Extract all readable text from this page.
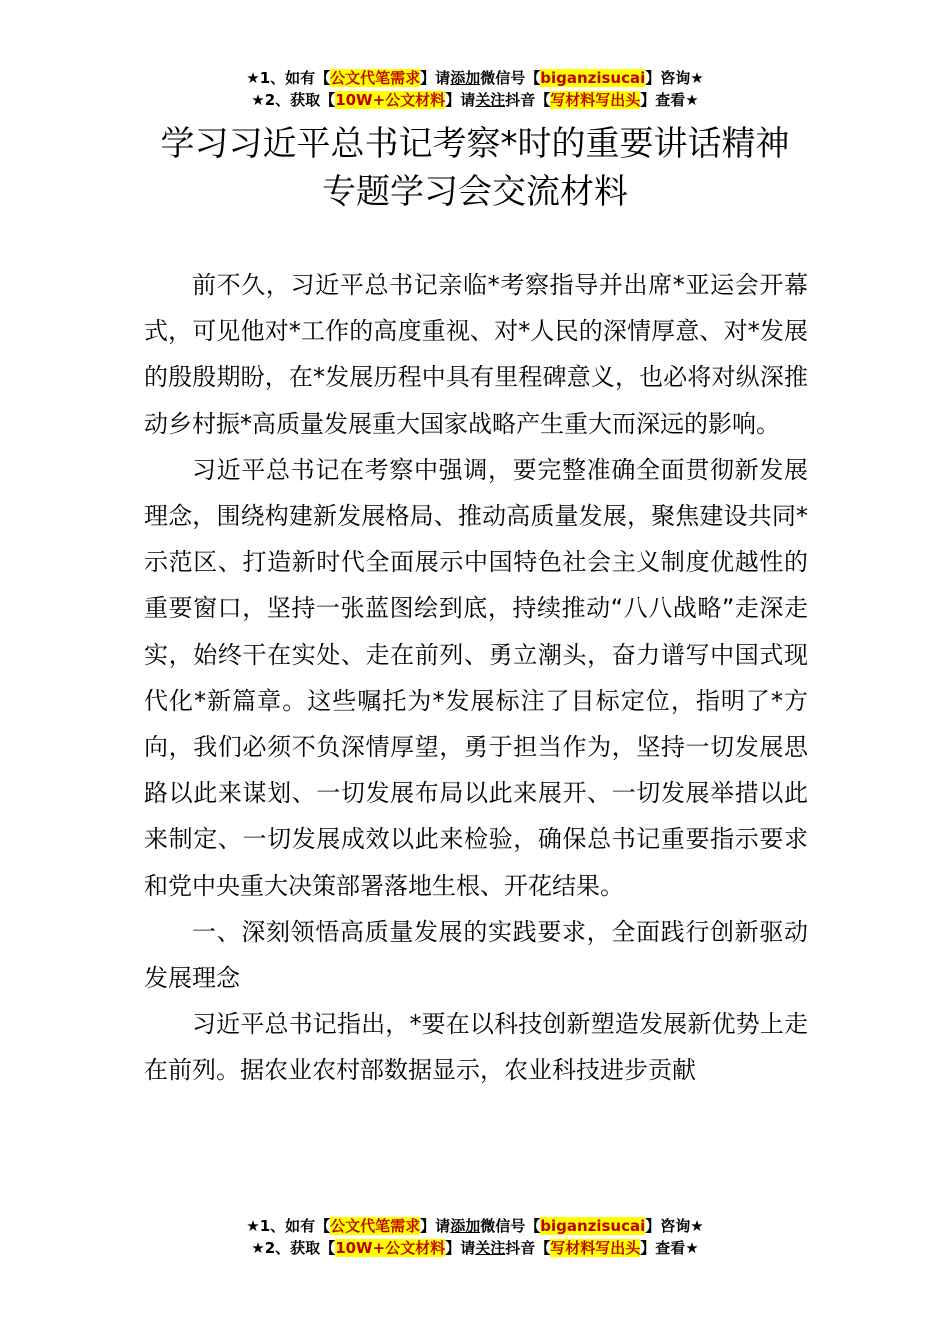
★1、如有【公文代笔需求】请添加微信号【biganzisucai】咨询★
★2、获取【10W+公文材料】请关注抖音【写材料写出头】查看★
学习习近平总书记考察*时的重要讲话精神
专题学习会交流材料

前不久，习近平总书记亲临*考察指导并出席*亚运会开幕式，可见他对*工作的高度重视、对*人民的深情厚意、对*发展的殷殷期盼，在*发展历程中具有里程碑意义，也必将对纵深推动乡村振*高质量发展重大国家战略产生重大而深远的影响。

习近平总书记在考察中强调，要完整准确全面贯彻新发展理念，围绕构建新发展格局、推动高质量发展，聚焦建设共同*示范区、打造新时代全面展示中国特色社会主义制度优越性的重要窗口，坚持一张蓝图绘到底，持续推动“八八战略”走深走实，始终干在实处、走在前列、勇立潮头，奋力谱写中国式现代化*新篇章。这些嘱托为*发展标注了目标定位，指明了*方向，我们必须不负深情厚望，勇于担当作为，坚持一切发展思路以此来谋划、一切发展布局以此来展开、一切发展举措以此来制定、一切发展成效以此来检验，确保总书记重要指示要求和党中央重大决策部署落地生根、开花结果。

一、深刻领悟高质量发展的实践要求，全面践行创新驱动发展理念

习近平总书记指出，*要在以科技创新塑造发展新优势上走在前列。据农业农村部数据显示，农业科技进步贡献

★1、如有【公文代笔需求】请添加微信号【biganzisucai】咨询★
★2、获取【10W+公文材料】请关注抖音【写材料写出头】查看★
